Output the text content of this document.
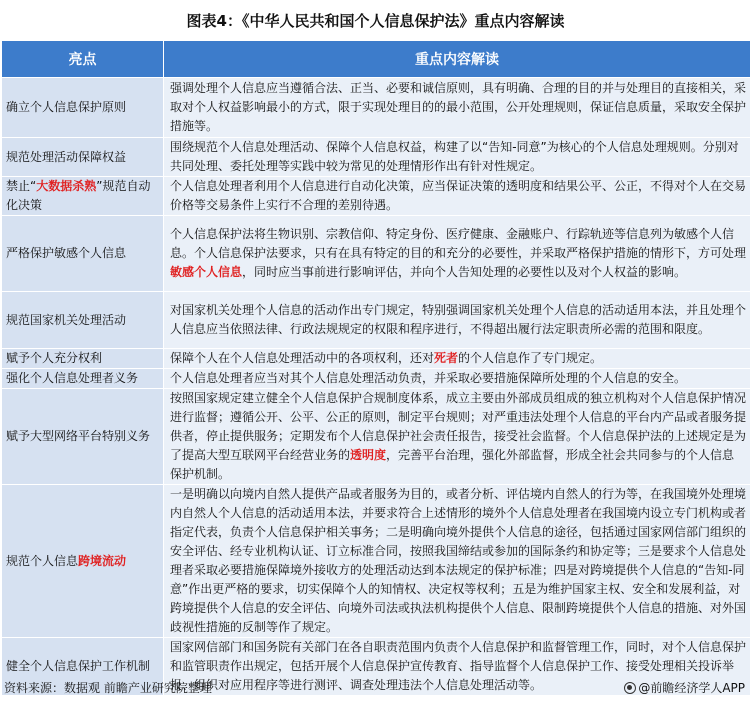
图表4：《中华人民共和国个人信息保护法》重点内容解读
亮点	重点内容解读
确立个人信息保护原则	强调处理个人信息应当遵循合法、正当、必要和诚信原则，具有明确、合理的目的并与处理目的直接相关，采取对个人权益影响最小的方式，限于实现处理目的的最小范围，公开处理规则，保证信息质量，采取安全保护措施等。
规范处理活动保障权益	围绕规范个人信息处理活动、保障个人信息权益，构建了以“告知-同意”为核心的个人信息处理规则。分别对共同处理、委托处理等实践中较为常见的处理情形作出有针对性规定。
禁止“大数据杀熟”规范自动化决策	个人信息处理者利用个人信息进行自动化决策，应当保证决策的透明度和结果公平、公正，不得对个人在交易价格等交易条件上实行不合理的差别待遇。
严格保护敏感个人信息	个人信息保护法将生物识别、宗教信仰、特定身份、医疗健康、金融账户、行踪轨迹等信息列为敏感个人信息。个人信息保护法要求，只有在具有特定的目的和充分的必要性，并采取严格保护措施的情形下，方可处理敏感个人信息，同时应当事前进行影响评估，并向个人告知处理的必要性以及对个人权益的影响。
规范国家机关处理活动	对国家机关处理个人信息的活动作出专门规定，特别强调国家机关处理个人信息的活动适用本法，并且处理个人信息应当依照法律、行政法规规定的权限和程序进行，不得超出履行法定职责所必需的范围和限度。
赋予个人充分权利	保障个人在个人信息处理活动中的各项权利，还对死者的个人信息作了专门规定。
强化个人信息处理者义务	个人信息处理者应当对其个人信息处理活动负责，并采取必要措施保障所处理的个人信息的安全。
赋予大型网络平台特别义务	按照国家规定建立健全个人信息保护合规制度体系，成立主要由外部成员组成的独立机构对个人信息保护情况进行监督；遵循公开、公平、公正的原则，制定平台规则；对严重违法处理个人信息的平台内产品或者服务提供者，停止提供服务；定期发布个人信息保护社会责任报告，接受社会监督。个人信息保护法的上述规定是为了提高大型互联网平台经营业务的透明度，完善平台治理，强化外部监督，形成全社会共同参与的个人信息保护机制。
规范个人信息跨境流动	一是明确以向境内自然人提供产品或者服务为目的，或者分析、评估境内自然人的行为等，在我国境外处理境内自然人个人信息的活动适用本法，并要求符合上述情形的境外个人信息处理者在我国境内设立专门机构或者指定代表，负责个人信息保护相关事务；二是明确向境外提供个人信息的途径，包括通过国家网信部门组织的安全评估、经专业机构认证、订立标准合同，按照我国缔结或参加的国际条约和协定等；三是要求个人信息处理者采取必要措施保障境外接收方的处理活动达到本法规定的保护标准；四是对跨境提供个人信息的“告知-同意”作出更严格的要求，切实保障个人的知情权、决定权等权利；五是为维护国家主权、安全和发展利益，对跨境提供个人信息的安全评估、向境外司法或执法机构提供个人信息、限制跨境提供个人信息的措施、对外国歧视性措施的反制等作了规定。
健全个人信息保护工作机制	国家网信部门和国务院有关部门在各自职责范围内负责个人信息保护和监督管理工作，同时，对个人信息保护和监管职责作出规定，包括开展个人信息保护宣传教育、指导监督个人信息保护工作、接受处理相关投诉举报、组织对应用程序等进行测评、调查处理违法个人信息处理活动等。
资料来源：数据观 前瞻产业研究院整理	@前瞻经济学人APP
